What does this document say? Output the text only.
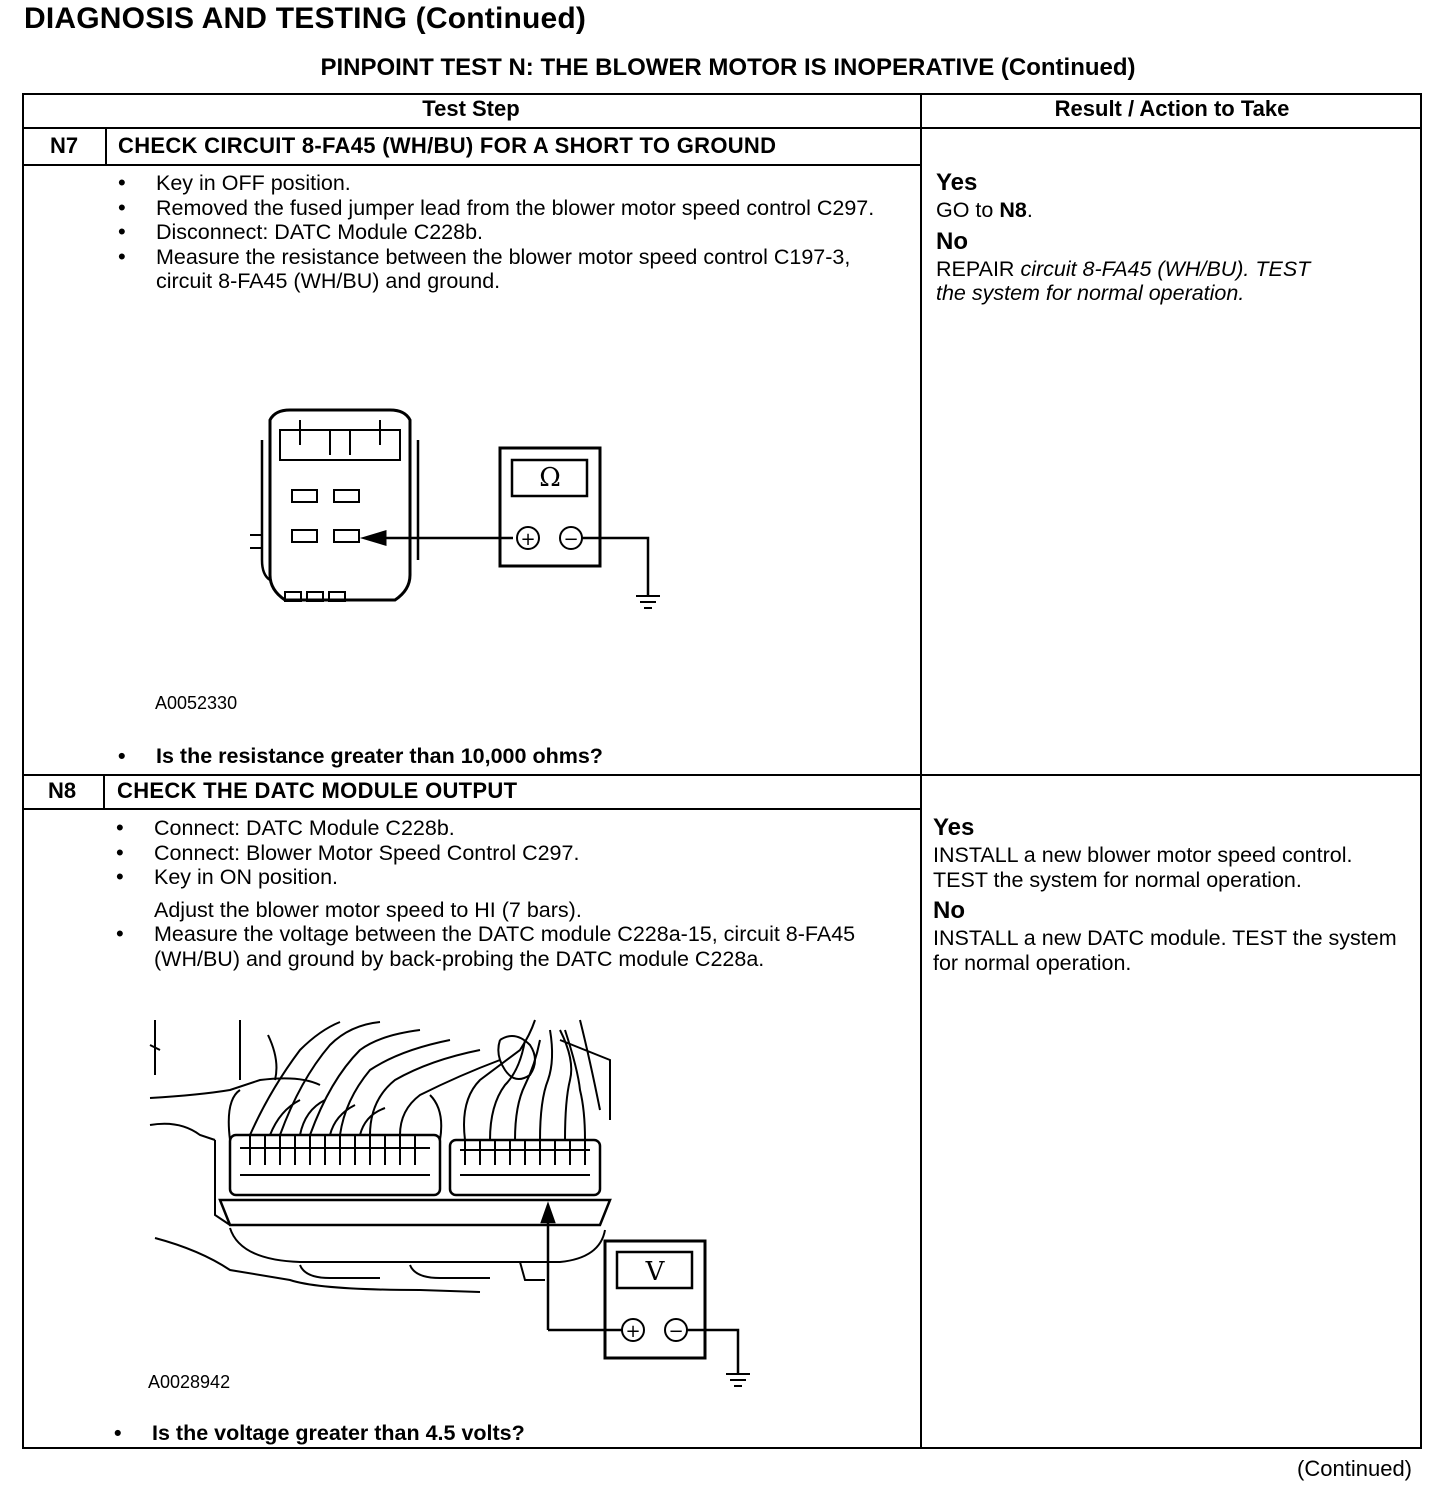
DIAGNOSIS AND TESTING (Continued)
PINPOINT TEST N: THE BLOWER MOTOR IS INOPERATIVE (Continued)
Test Step	Result / Action to Take
N7	CHECK CIRCUIT 8-FA45 (WH/BU) FOR A SHORT TO GROUND
• Key in OFF position.
• Removed the fused jumper lead from the blower motor speed control C297.
• Disconnect: DATC Module C228b.
• Measure the resistance between the blower motor speed control C197-3, circuit 8-FA45 (WH/BU) and ground.
Ω
+ −
A0052330
• Is the resistance greater than 10,000 ohms?
Yes
GO to N8.
No
REPAIR circuit 8-FA45 (WH/BU). TEST
the system for normal operation.
N8	CHECK THE DATC MODULE OUTPUT
• Connect: DATC Module C228b.
• Connect: Blower Motor Speed Control C297.
• Key in ON position.
Adjust the blower motor speed to HI (7 bars).
• Measure the voltage between the DATC module C228a-15, circuit 8-FA45 (WH/BU) and ground by back-probing the DATC module C228a.
V
+ −
A0028942
• Is the voltage greater than 4.5 volts?
Yes
INSTALL a new blower motor speed control. TEST the system for normal operation.
No
INSTALL a new DATC module. TEST the system for normal operation.
(Continued)
